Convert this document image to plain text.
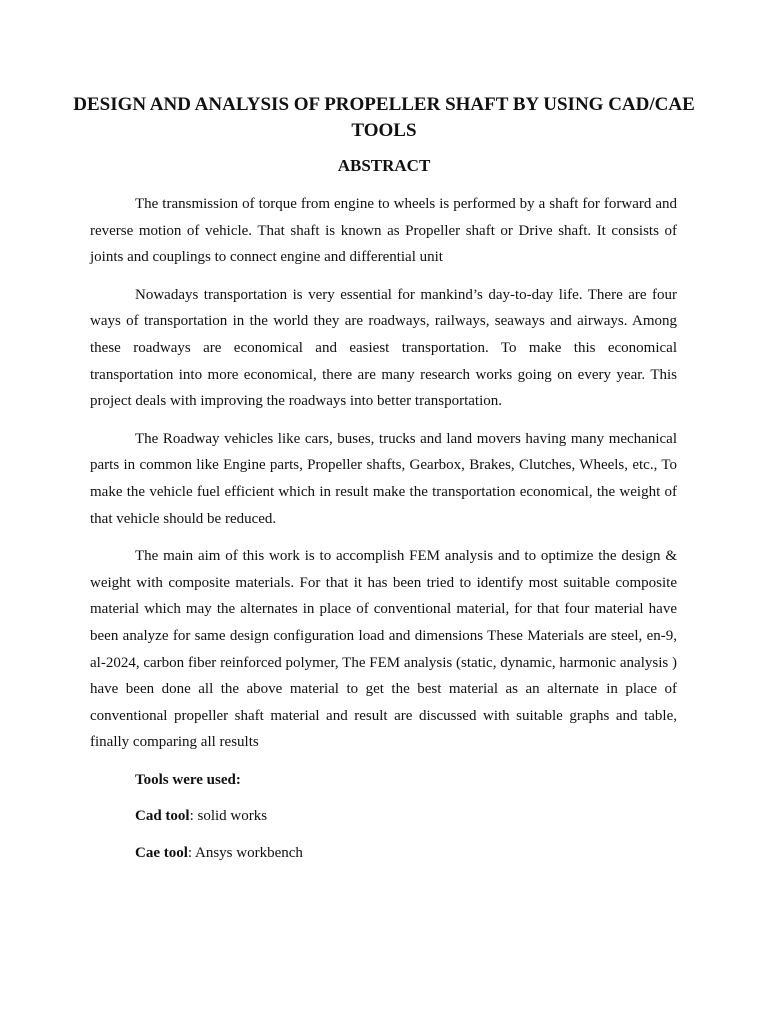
DESIGN AND ANALYSIS OF PROPELLER SHAFT BY USING CAD/CAE TOOLS
ABSTRACT

The transmission of torque from engine to wheels is performed by a shaft for forward and reverse motion of vehicle. That shaft is known as Propeller shaft or Drive shaft. It consists of joints and couplings to connect engine and differential unit

Nowadays transportation is very essential for mankind’s day-to-day life. There are four ways of transportation in the world they are roadways, railways, seaways and airways. Among these roadways are economical and easiest transportation. To make this economical transportation into more economical, there are many research works going on every year. This project deals with improving the roadways into better transportation.

The Roadway vehicles like cars, buses, trucks and land movers having many mechanical parts in common like Engine parts, Propeller shafts, Gearbox, Brakes, Clutches, Wheels, etc., To make the vehicle fuel efficient which in result make the transportation economical, the weight of that vehicle should be reduced.

The main aim of this work is to accomplish FEM analysis and to optimize the design & weight with composite materials. For that it has been tried to identify most suitable composite material which may the alternates in place of conventional material, for that four material have been analyze for same design configuration load and dimensions These Materials are steel, en-9, al-2024, carbon fiber reinforced polymer, The FEM analysis (static, dynamic, harmonic analysis ) have been done all the above material to get the best material as an alternate in place of conventional propeller shaft material and result are discussed with suitable graphs and table, finally comparing all results

Tools were used:
Cad tool: solid works
Cae tool: Ansys workbench
